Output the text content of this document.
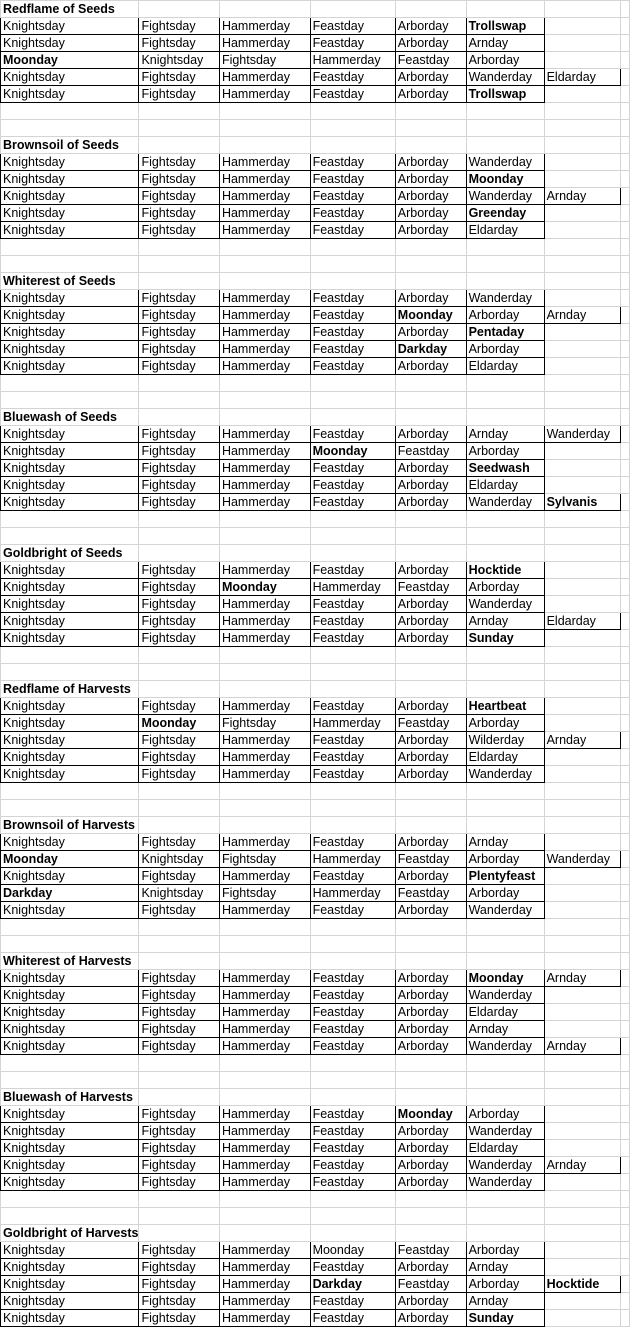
Redflame of Seeds							
Knightsday	Fightsday	Hammerday	Feastday	Arborday	Trollswap		
Knightsday	Fightsday	Hammerday	Feastday	Arborday	Arnday		
Moonday	Knightsday	Fightsday	Hammerday	Feastday	Arborday		
Knightsday	Fightsday	Hammerday	Feastday	Arborday	Wanderday	Eldarday	
Knightsday	Fightsday	Hammerday	Feastday	Arborday	Trollswap		

Brownsoil of Seeds							
Knightsday	Fightsday	Hammerday	Feastday	Arborday	Wanderday		
Knightsday	Fightsday	Hammerday	Feastday	Arborday	Moonday		
Knightsday	Fightsday	Hammerday	Feastday	Arborday	Wanderday	Arnday	
Knightsday	Fightsday	Hammerday	Feastday	Arborday	Greenday		
Knightsday	Fightsday	Hammerday	Feastday	Arborday	Eldarday		

Whiterest of Seeds							
Knightsday	Fightsday	Hammerday	Feastday	Arborday	Wanderday		
Knightsday	Fightsday	Hammerday	Feastday	Moonday	Arborday	Arnday	
Knightsday	Fightsday	Hammerday	Feastday	Arborday	Pentaday		
Knightsday	Fightsday	Hammerday	Feastday	Darkday	Arborday		
Knightsday	Fightsday	Hammerday	Feastday	Arborday	Eldarday		

Bluewash of Seeds							
Knightsday	Fightsday	Hammerday	Feastday	Arborday	Arnday	Wanderday	
Knightsday	Fightsday	Hammerday	Moonday	Feastday	Arborday		
Knightsday	Fightsday	Hammerday	Feastday	Arborday	Seedwash		
Knightsday	Fightsday	Hammerday	Feastday	Arborday	Eldarday		
Knightsday	Fightsday	Hammerday	Feastday	Arborday	Wanderday	Sylvanis	

Goldbright of Seeds							
Knightsday	Fightsday	Hammerday	Feastday	Arborday	Hocktide		
Knightsday	Fightsday	Moonday	Hammerday	Feastday	Arborday		
Knightsday	Fightsday	Hammerday	Feastday	Arborday	Wanderday		
Knightsday	Fightsday	Hammerday	Feastday	Arborday	Arnday	Eldarday	
Knightsday	Fightsday	Hammerday	Feastday	Arborday	Sunday		

Redflame of Harvests							
Knightsday	Fightsday	Hammerday	Feastday	Arborday	Heartbeat		
Knightsday	Moonday	Fightsday	Hammerday	Feastday	Arborday		
Knightsday	Fightsday	Hammerday	Feastday	Arborday	Wilderday	Arnday	
Knightsday	Fightsday	Hammerday	Feastday	Arborday	Eldarday		
Knightsday	Fightsday	Hammerday	Feastday	Arborday	Wanderday		

Brownsoil of Harvests							
Knightsday	Fightsday	Hammerday	Feastday	Arborday	Arnday		
Moonday	Knightsday	Fightsday	Hammerday	Feastday	Arborday	Wanderday	
Knightsday	Fightsday	Hammerday	Feastday	Arborday	Plentyfeast		
Darkday	Knightsday	Fightsday	Hammerday	Feastday	Arborday		
Knightsday	Fightsday	Hammerday	Feastday	Arborday	Wanderday		

Whiterest of Harvests							
Knightsday	Fightsday	Hammerday	Feastday	Arborday	Moonday	Arnday	
Knightsday	Fightsday	Hammerday	Feastday	Arborday	Wanderday		
Knightsday	Fightsday	Hammerday	Feastday	Arborday	Eldarday		
Knightsday	Fightsday	Hammerday	Feastday	Arborday	Arnday		
Knightsday	Fightsday	Hammerday	Feastday	Arborday	Wanderday	Arnday	

Bluewash of Harvests							
Knightsday	Fightsday	Hammerday	Feastday	Moonday	Arborday		
Knightsday	Fightsday	Hammerday	Feastday	Arborday	Wanderday		
Knightsday	Fightsday	Hammerday	Feastday	Arborday	Eldarday		
Knightsday	Fightsday	Hammerday	Feastday	Arborday	Wanderday	Arnday	
Knightsday	Fightsday	Hammerday	Feastday	Arborday	Wanderday		

Goldbright of Harvests							
Knightsday	Fightsday	Hammerday	Moonday	Feastday	Arborday		
Knightsday	Fightsday	Hammerday	Feastday	Arborday	Arnday		
Knightsday	Fightsday	Hammerday	Darkday	Feastday	Arborday	Hocktide	
Knightsday	Fightsday	Hammerday	Feastday	Arborday	Arnday		
Knightsday	Fightsday	Hammerday	Feastday	Arborday	Sunday		
